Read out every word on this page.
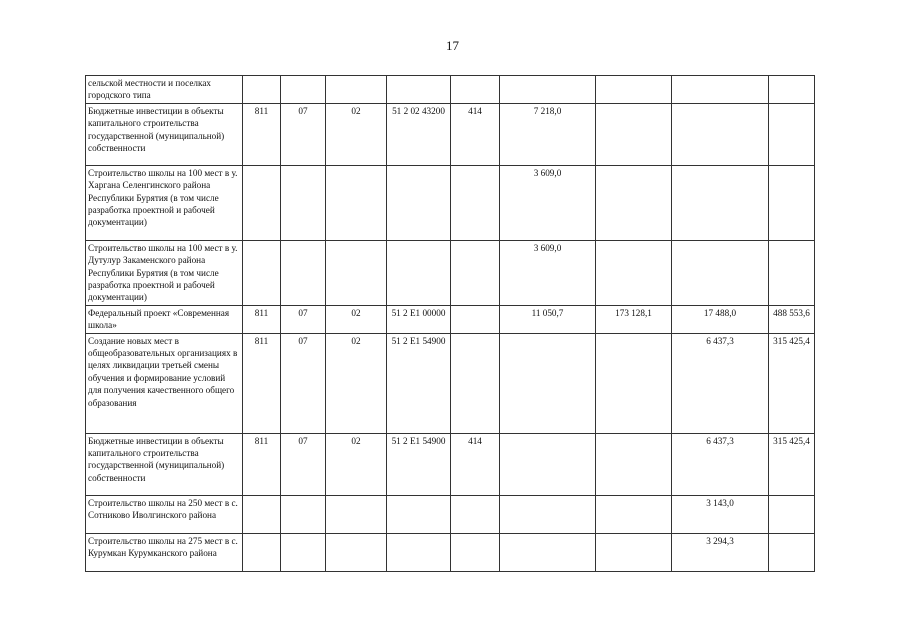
17
сельской местности и поселках городского типа									
Бюджетные инвестиции в объекты капитального строительства государственной (муниципальной) собственности	811	07	02	51 2 02 43200	414	7 218,0			
Строительство школы на 100 мест в у. Харгана Селенгинского района Республики Бурятия (в том числе разработка проектной и рабочей документации)						3 609,0			
Строительство школы на 100 мест в у. Дутулур Закаменского района Республики Бурятия (в том числе разработка проектной и рабочей документации)						3 609,0			
Федеральный проект «Современная школа»	811	07	02	51 2 E1 00000		11 050,7	173 128,1	17 488,0	488 553,6
Создание новых мест в общеобразовательных организациях в целях ликвидации третьей смены обучения и формирование условий для получения качественного общего образования	811	07	02	51 2 E1 54900				6 437,3	315 425,4
Бюджетные инвестиции в объекты капитального строительства государственной (муниципальной) собственности	811	07	02	51 2 E1 54900	414			6 437,3	315 425,4
Строительство школы на 250 мест в с. Сотниково Иволгинского района								3 143,0	
Строительство школы на 275 мест в с. Курумкан Курумканского района								3 294,3	
